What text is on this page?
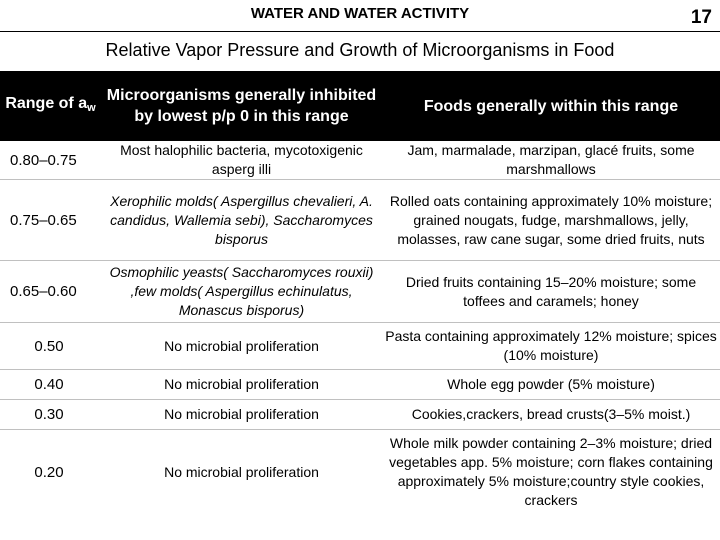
WATER AND WATER ACTIVITY	17
Relative Vapor Pressure and Growth of Microorganisms in Food
Range of $a_w$	Microorganisms generally inhibited by lowest p/p 0 in this range	Foods generally within this range
0.80–0.75	Most halophilic bacteria, mycotoxigenic asperg illi	Jam, marmalade, marzipan, glacé fruits, some marshmallows
0.75–0.65	Xerophilic molds( Aspergillus chevalieri, A. candidus, Wallemia sebi), Saccharomyces bisporus	Rolled oats containing approximately 10% moisture; grained nougats, fudge, marshmallows, jelly, molasses, raw cane sugar, some dried fruits, nuts
0.65–0.60	Osmophilic yeasts( Saccharomyces rouxii) ,few molds( Aspergillus echinulatus, Monascus bisporus)	Dried fruits containing 15–20% moisture; some toffees and caramels; honey
0.50	No microbial proliferation	Pasta containing approximately 12% moisture; spices (10% moisture)
0.40	No microbial proliferation	Whole egg powder (5% moisture)
0.30	No microbial proliferation	Cookies,crackers, bread crusts(3–5% moist.)
0.20	No microbial proliferation	Whole milk powder containing 2–3% moisture; dried vegetables app. 5% moisture; corn flakes containing approximately 5% moisture;country style cookies, crackers
